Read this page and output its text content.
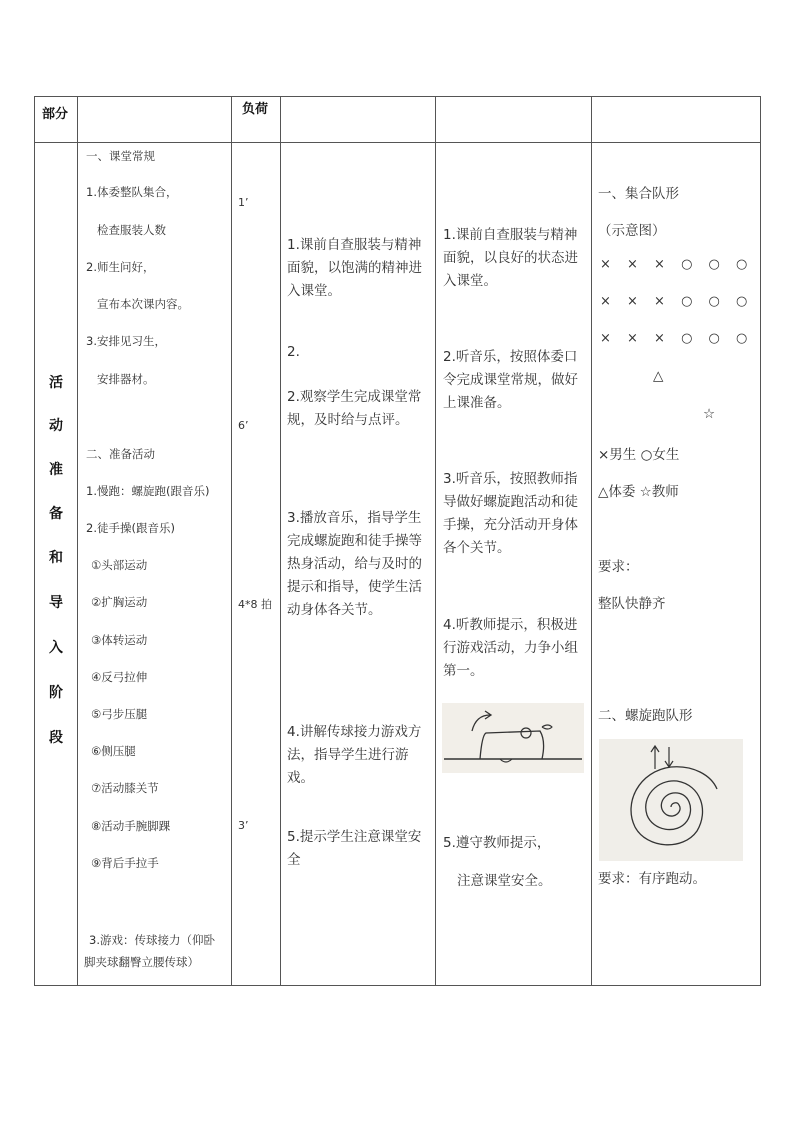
部分	负荷
活
动
准
备
和
导
入
阶
段
一、课堂常规
1.体委整队集合，
检查服装人数
2.师生问好，
宣布本次课内容。
3.安排见习生，
安排器材。
二、准备活动
1.慢跑：螺旋跑(跟音乐)
2.徒手操(跟音乐)
①头部运动
②扩胸运动
③体转运动
④反弓拉伸
⑤弓步压腿
⑥侧压腿
⑦活动膝关节
⑧活动手腕脚踝
⑨背后手拉手
3.游戏：传球接力（仰卧
脚夹球翻臀立腰传球）
1’
6’
4*8 拍
3’
1.课前自查服装与精神面貌，以饱满的精神进入课堂。
2.
2.观察学生完成课堂常规，及时给与点评。
3.播放音乐，指导学生完成螺旋跑和徒手操等热身活动，给与及时的提示和指导，使学生活动身体各关节。
4.讲解传球接力游戏方法，指导学生进行游戏。
5.提示学生注意课堂安全
1.课前自查服装与精神面貌，以良好的状态进入课堂。
2.听音乐，按照体委口令完成课堂常规，做好上课准备。
3.听音乐，按照教师指导做好螺旋跑活动和徒手操，充分活动开身体各个关节。
4.听教师提示，积极进行游戏活动，力争小组第一。
5.遵守教师提示，
注意课堂安全。
一、集合队形
（示意图）
× × × ○ ○ ○
× × × ○ ○ ○
× × × ○ ○ ○
△
☆
×男生 ○女生
△体委 ☆教师
要求：
整队快静齐
二、螺旋跑队形
要求：有序跑动。
